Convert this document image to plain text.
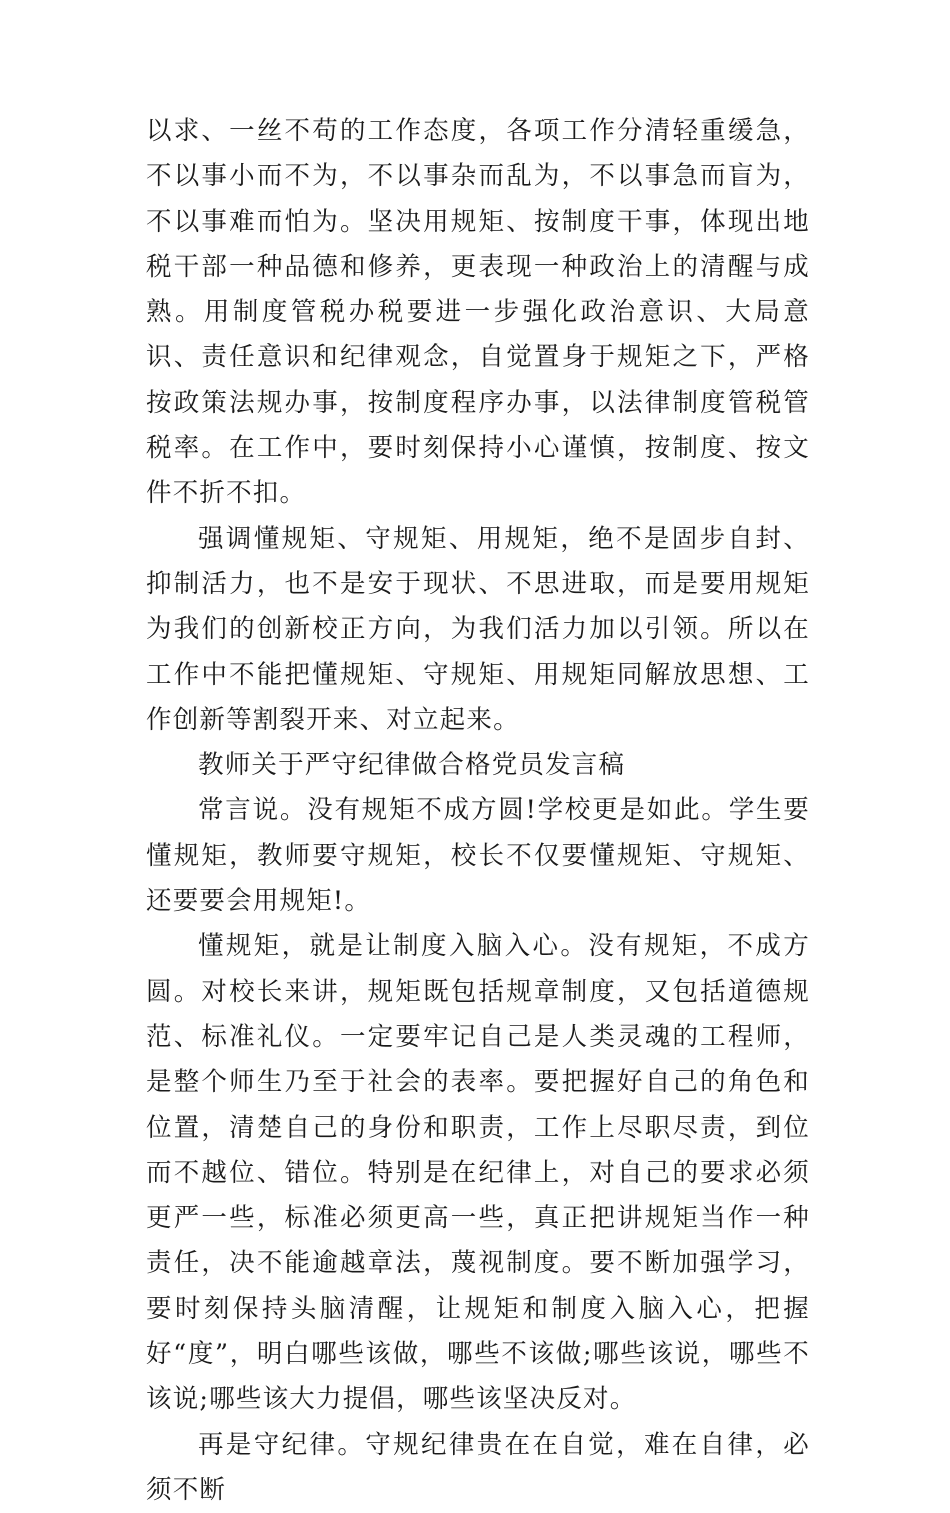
以求、一丝不苟的工作态度，各项工作分清轻重缓急，不以事小而不为，不以事杂而乱为，不以事急而盲为，不以事难而怕为。坚决用规矩、按制度干事，体现出地税干部一种品德和修养，更表现一种政治上的清醒与成熟。用制度管税办税要进一步强化政治意识、大局意识、责任意识和纪律观念，自觉置身于规矩之下，严格按政策法规办事，按制度程序办事，以法律制度管税管税率。在工作中，要时刻保持小心谨慎，按制度、按文件不折不扣。

强调懂规矩、守规矩、用规矩，绝不是固步自封、抑制活力，也不是安于现状、不思进取，而是要用规矩为我们的创新校正方向，为我们活力加以引领。所以在工作中不能把懂规矩、守规矩、用规矩同解放思想、工作创新等割裂开来、对立起来。

教师关于严守纪律做合格党员发言稿

常言说。没有规矩不成方圆!学校更是如此。学生要懂规矩，教师要守规矩，校长不仅要懂规矩、守规矩、还要要会用规矩!。

懂规矩，就是让制度入脑入心。没有规矩，不成方圆。对校长来讲，规矩既包括规章制度，又包括道德规范、标准礼仪。一定要牢记自己是人类灵魂的工程师，是整个师生乃至于社会的表率。要把握好自己的角色和位置，清楚自己的身份和职责，工作上尽职尽责，到位而不越位、错位。特别是在纪律上，对自己的要求必须更严一些，标准必须更高一些，真正把讲规矩当作一种责任，决不能逾越章法，蔑视制度。要不断加强学习，要时刻保持头脑清醒，让规矩和制度入脑入心，把握好“度”，明白哪些该做，哪些不该做;哪些该说，哪些不该说;哪些该大力提倡，哪些该坚决反对。

再是守纪律。守规纪律贵在在自觉，难在自律，必须不断
